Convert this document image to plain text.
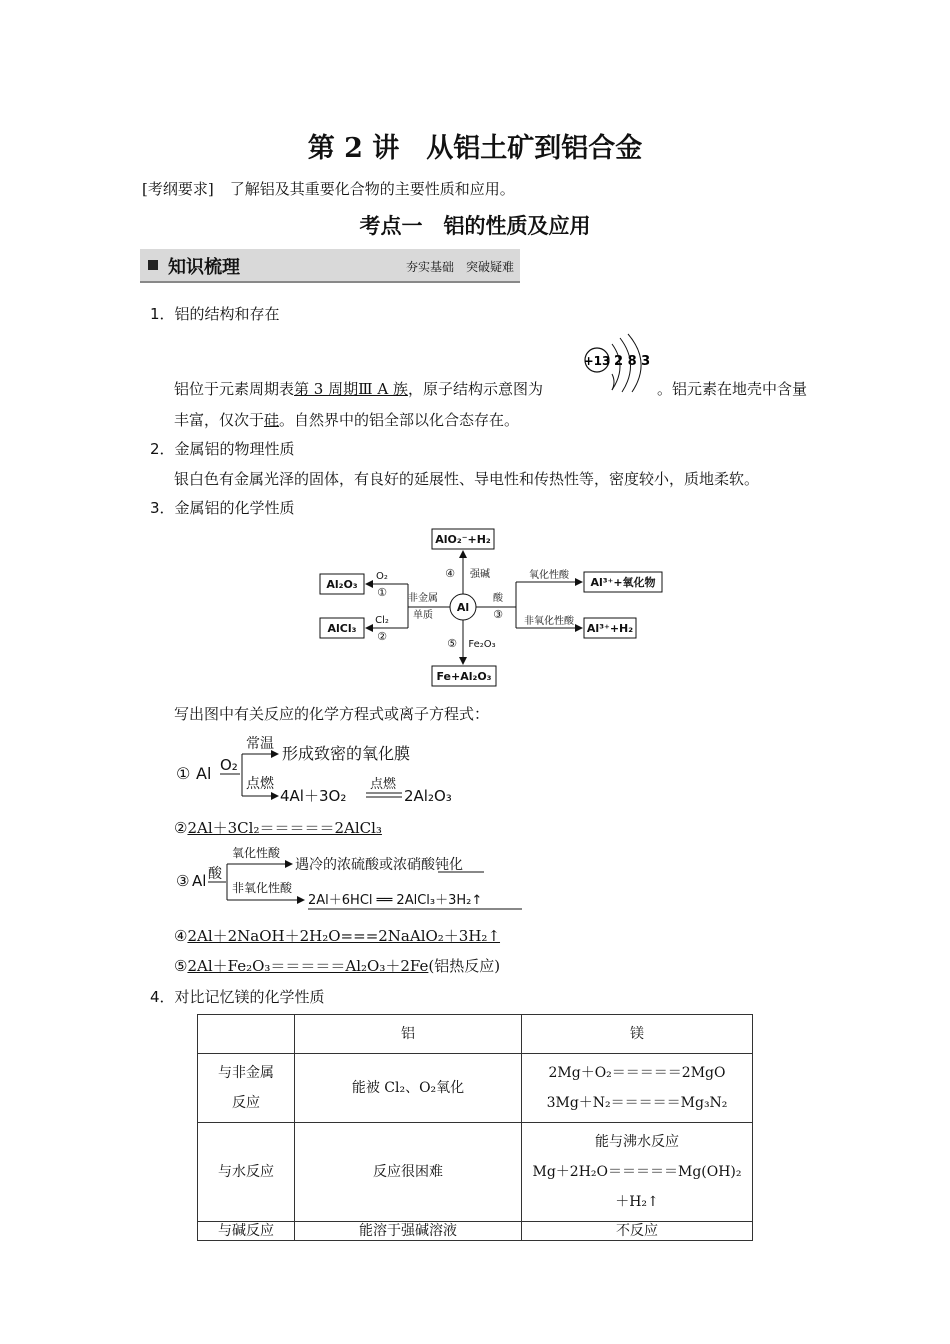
第 2 讲　从铝土矿到铝合金
[考纲要求] 了解铝及其重要化合物的主要性质和应用。
考点一　铝的性质及应用
知识梳理	夯实基础　突破疑难
1．铝的结构和存在
铝位于元素周期表第 3 周期Ⅲ A 族，原子结构示意图为
+13 2 8 3
。铝元素在地壳中含量
丰富，仅次于硅。自然界中的铝全部以化合态存在。
2．金属铝的物理性质
银白色有金属光泽的固体，有良好的延展性、导电性和传热性等，密度较小，质地柔软。
3．金属铝的化学性质
AlO₂⁻+H₂
④ 强碱
Al
非金属
单质
O₂
①
Cl₂
②
Al₂O₃
AlCl₃
酸
③
氧化性酸
非氧化性酸
Al³⁺+氧化物
Al³⁺+H₂
⑤ Fe₂O₃
Fe+Al₂O₃
写出图中有关反应的化学方程式或离子方程式：
① Al O₂
常温 形成致密的氧化膜
点燃
4Al＋3O₂
点燃
2Al₂O₃
②2Al＋3Cl₂＝＝＝＝＝2AlCl₃
③ Al 酸
氧化性酸
遇冷的浓硫酸或浓硝酸钝化
非氧化性酸
2Al＋6HCl ══ 2AlCl₃＋3H₂↑
④2Al＋2NaOH＋2H₂O===2NaAlO₂＋3H₂↑
⑤2Al＋Fe₂O₃＝＝＝＝＝Al₂O₃＋2Fe(铝热反应)
4．对比记忆镁的化学性质
	铝	镁
与非金属反应	能被 Cl₂、O₂氧化	2Mg＋O₂＝＝＝＝＝2MgO
3Mg＋N₂＝＝＝＝＝Mg₃N₂

与水反应	反应很困难	能与沸水反应
Mg＋2H₂O＝＝＝＝＝Mg(OH)₂
＋H₂↑

与碱反应	能溶于强碱溶液	不反应
